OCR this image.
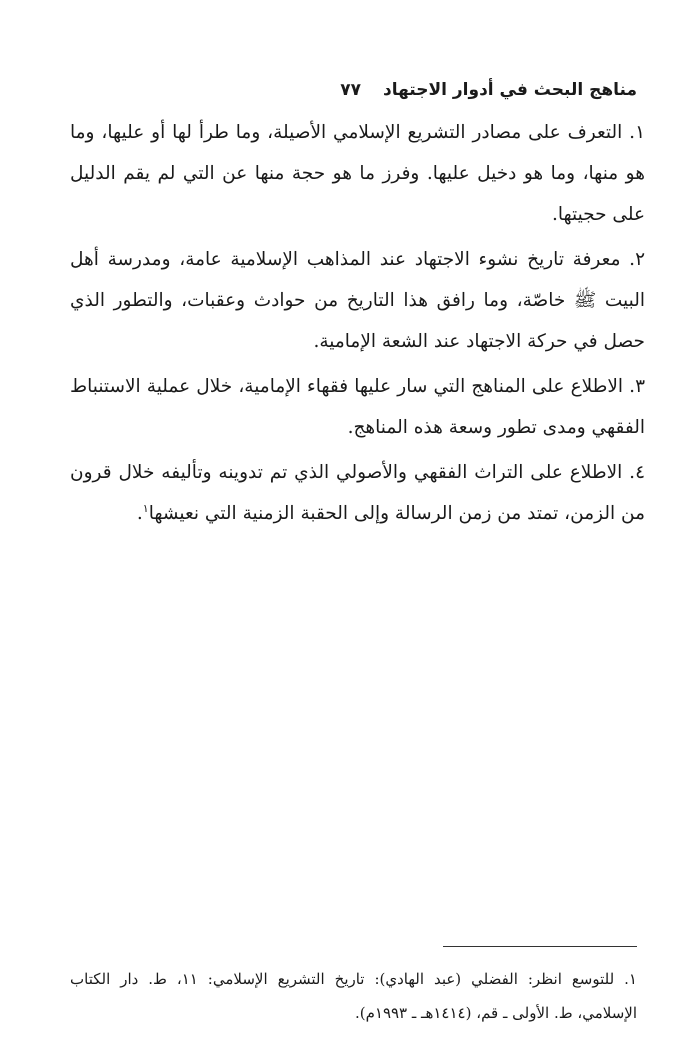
مناهج البحث في أدوار الاجتهاد
٧٧

١. التعرف على مصادر التشريع الإسلامي الأصيلة، وما طرأ لها أو عليها، وما هو منها، وما هو دخيل عليها. وفرز ما هو حجة منها عن التي لم يقم الدليل على حجيتها.

٢. معرفة تاريخ نشوء الاجتهاد عند المذاهب الإسلامية عامة، ومدرسة أهل البيت ﷺ خاصّة، وما رافق هذا التاريخ من حوادث وعقبات، والتطور الذي حصل في حركة الاجتهاد عند الشعة الإمامية.

٣. الاطلاع على المناهج التي سار عليها فقهاء الإمامية، خلال عملية الاستنباط الفقهي ومدى تطور وسعة هذه المناهج.

٤. الاطلاع على التراث الفقهي والأصولي الذي تم تدوينه وتأليفه خلال قرون من الزمن، تمتد من زمن الرسالة وإلى الحقبة الزمنية التي نعيشها$^١$.

١. للتوسع انظر: الفضلي (عبد الهادي): تاريخ التشريع الإسلامي: ١١، ط. دار الكتاب الإسلامي، ط. الأولى ـ قم، (١٤١٤هـ ـ ١٩٩٣م).
